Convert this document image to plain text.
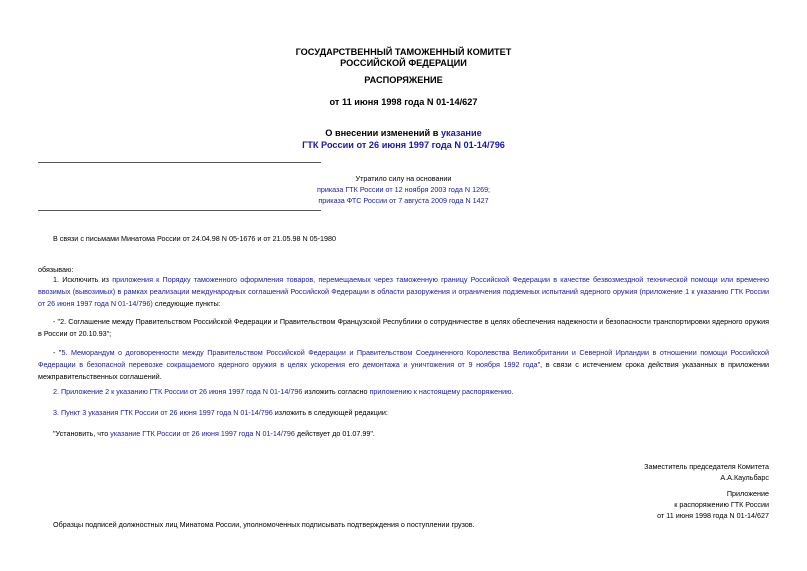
ГОСУДАРСТВЕННЫЙ ТАМОЖЕННЫЙ КОМИТЕТ
РОССИЙСКОЙ ФЕДЕРАЦИИ
РАСПОРЯЖЕНИЕ
от 11 июня 1998 года N 01-14/627
О внесении изменений в указание
ГТК России от 26 июня 1997 года N 01-14/796
Утратило силу на основании
приказа ГТК России от 12 ноября 2003 года N 1269;
приказа ФТС России от 7 августа 2009 года N 1427
В связи с письмами Минатома России от 24.04.98 N 05-1676 и от 21.05.98 N 05-1980
обязываю:
1. Исключить из приложения к Порядку таможенного оформления товаров, перемещаемых через таможенную границу Российской Федерации в качестве безвозмездной технической помощи или временно ввозимых (вывозимых) в рамках реализации международных соглашений Российской Федерации в области разоружения и ограничения подземных испытаний ядерного оружия (приложение 1 к указанию ГТК России от 26 июня 1997 года N 01-14/796) следующие пункты:
- "2. Соглашение между Правительством Российской Федерации и Правительством Французской Республики о сотрудничестве в целях обеспечения надежности и безопасности транспортировки ядерного оружия в России от 20.10.93";
- "5. Меморандум о договоренности между Правительством Российской Федерации и Правительством Соединенного Королевства Великобритании и Северной Ирландии в отношении помощи Российской Федерации в безопасной перевозке сокращаемого ядерного оружия в целях ускорения его демонтажа и уничтожения от 9 ноября 1992 года", в связи с истечением срока действия указанных в приложении межправительственных соглашений.
2. Приложение 2 к указанию ГТК России от 26 июня 1997 года N 01-14/796 изложить согласно приложению к настоящему распоряжению.
3. Пункт 3 указания ГТК России от 26 июня 1997 года N 01-14/796 изложить в следующей редакции:
"Установить, что указание ГТК России от 26 июня 1997 года N 01-14/796 действует до 01.07.99".
Заместитель председателя Комитета
А.А.Каульбарс
Приложение
к распоряжению ГТК России
от 11 июня 1998 года N 01-14/627
Образцы подписей должностных лиц Минатома России, уполномоченных подписывать подтверждения о поступлении грузов.
